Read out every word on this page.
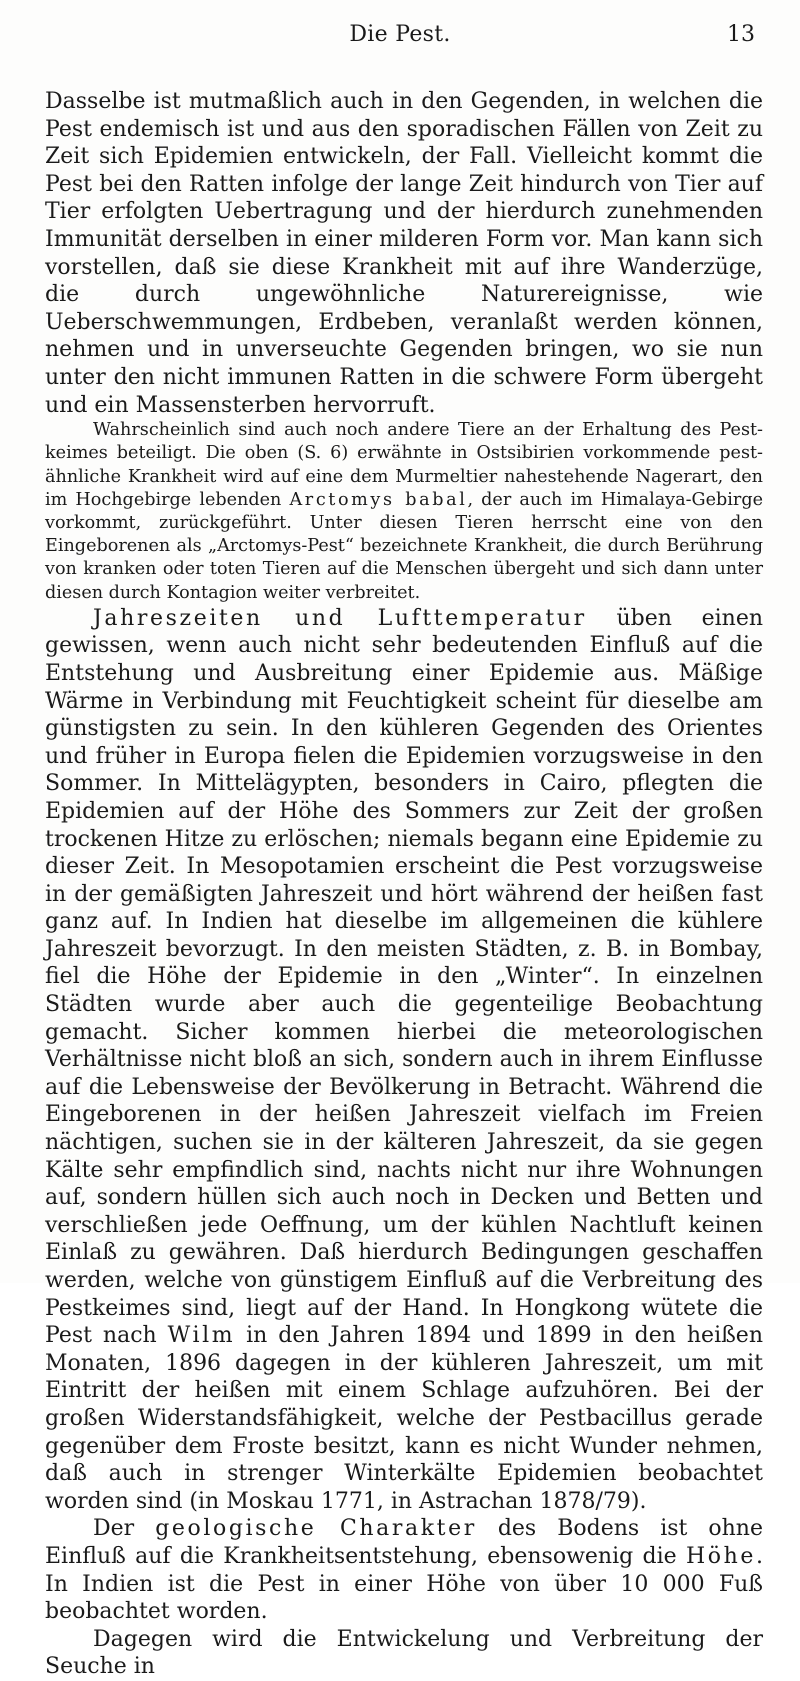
Die Pest.	13

Dasselbe ist mutmaßlich auch in den Gegenden, in welchen die Pest endemisch ist und aus den sporadischen Fällen von Zeit zu Zeit sich Epidemien entwickeln, der Fall. Vielleicht kommt die Pest bei den Ratten infolge der lange Zeit hindurch von Tier auf Tier erfolgten Uebertragung und der hierdurch zunehmenden Immunität derselben in einer milderen Form vor. Man kann sich vorstellen, daß sie diese Krankheit mit auf ihre Wanderzüge, die durch ungewöhnliche Naturereignisse, wie Ueberschwemmungen, Erdbeben, veranlaßt werden können, nehmen und in unverseuchte Gegenden bringen, wo sie nun unter den nicht immunen Ratten in die schwere Form übergeht und ein Massensterben hervorruft.

Wahrscheinlich sind auch noch andere Tiere an der Erhaltung des Pestkeimes beteiligt. Die oben (S. 6) erwähnte in Ostsibirien vorkommende pestähnliche Krankheit wird auf eine dem Murmeltier nahestehende Nagerart, den im Hochgebirge lebenden Arctomys babal, der auch im Himalaya-Gebirge vorkommt, zurückgeführt. Unter diesen Tieren herrscht eine von den Eingeborenen als „Arctomys-Pest“ bezeichnete Krankheit, die durch Berührung von kranken oder toten Tieren auf die Menschen übergeht und sich dann unter diesen durch Kontagion weiter verbreitet.

Jahreszeiten und Lufttemperatur üben einen gewissen, wenn auch nicht sehr bedeutenden Einfluß auf die Entstehung und Ausbreitung einer Epidemie aus. Mäßige Wärme in Verbindung mit Feuchtigkeit scheint für dieselbe am günstigsten zu sein. In den kühleren Gegenden des Orientes und früher in Europa fielen die Epidemien vorzugsweise in den Sommer. In Mittelägypten, besonders in Cairo, pflegten die Epidemien auf der Höhe des Sommers zur Zeit der großen trockenen Hitze zu erlöschen; niemals begann eine Epidemie zu dieser Zeit. In Mesopotamien erscheint die Pest vorzugsweise in der gemäßigten Jahreszeit und hört während der heißen fast ganz auf. In Indien hat dieselbe im allgemeinen die kühlere Jahreszeit bevorzugt. In den meisten Städten, z. B. in Bombay, fiel die Höhe der Epidemie in den „Winter“. In einzelnen Städten wurde aber auch die gegenteilige Beobachtung gemacht. Sicher kommen hierbei die meteorologischen Verhältnisse nicht bloß an sich, sondern auch in ihrem Einflusse auf die Lebensweise der Bevölkerung in Betracht. Während die Eingeborenen in der heißen Jahreszeit vielfach im Freien nächtigen, suchen sie in der kälteren Jahreszeit, da sie gegen Kälte sehr empfindlich sind, nachts nicht nur ihre Wohnungen auf, sondern hüllen sich auch noch in Decken und Betten und verschließen jede Oeffnung, um der kühlen Nachtluft keinen Einlaß zu gewähren. Daß hierdurch Bedingungen geschaffen werden, welche von günstigem Einfluß auf die Verbreitung des Pestkeimes sind, liegt auf der Hand. In Hongkong wütete die Pest nach Wilm in den Jahren 1894 und 1899 in den heißen Monaten, 1896 dagegen in der kühleren Jahreszeit, um mit Eintritt der heißen mit einem Schlage aufzuhören. Bei der großen Widerstandsfähigkeit, welche der Pestbacillus gerade gegenüber dem Froste besitzt, kann es nicht Wunder nehmen, daß auch in strenger Winterkälte Epidemien beobachtet worden sind (in Moskau 1771, in Astrachan 1878/79).

Der geologische Charakter des Bodens ist ohne Einfluß auf die Krankheitsentstehung, ebensowenig die Höhe. In Indien ist die Pest in einer Höhe von über 10 000 Fuß beobachtet worden.

Dagegen wird die Entwickelung und Verbreitung der Seuche in
